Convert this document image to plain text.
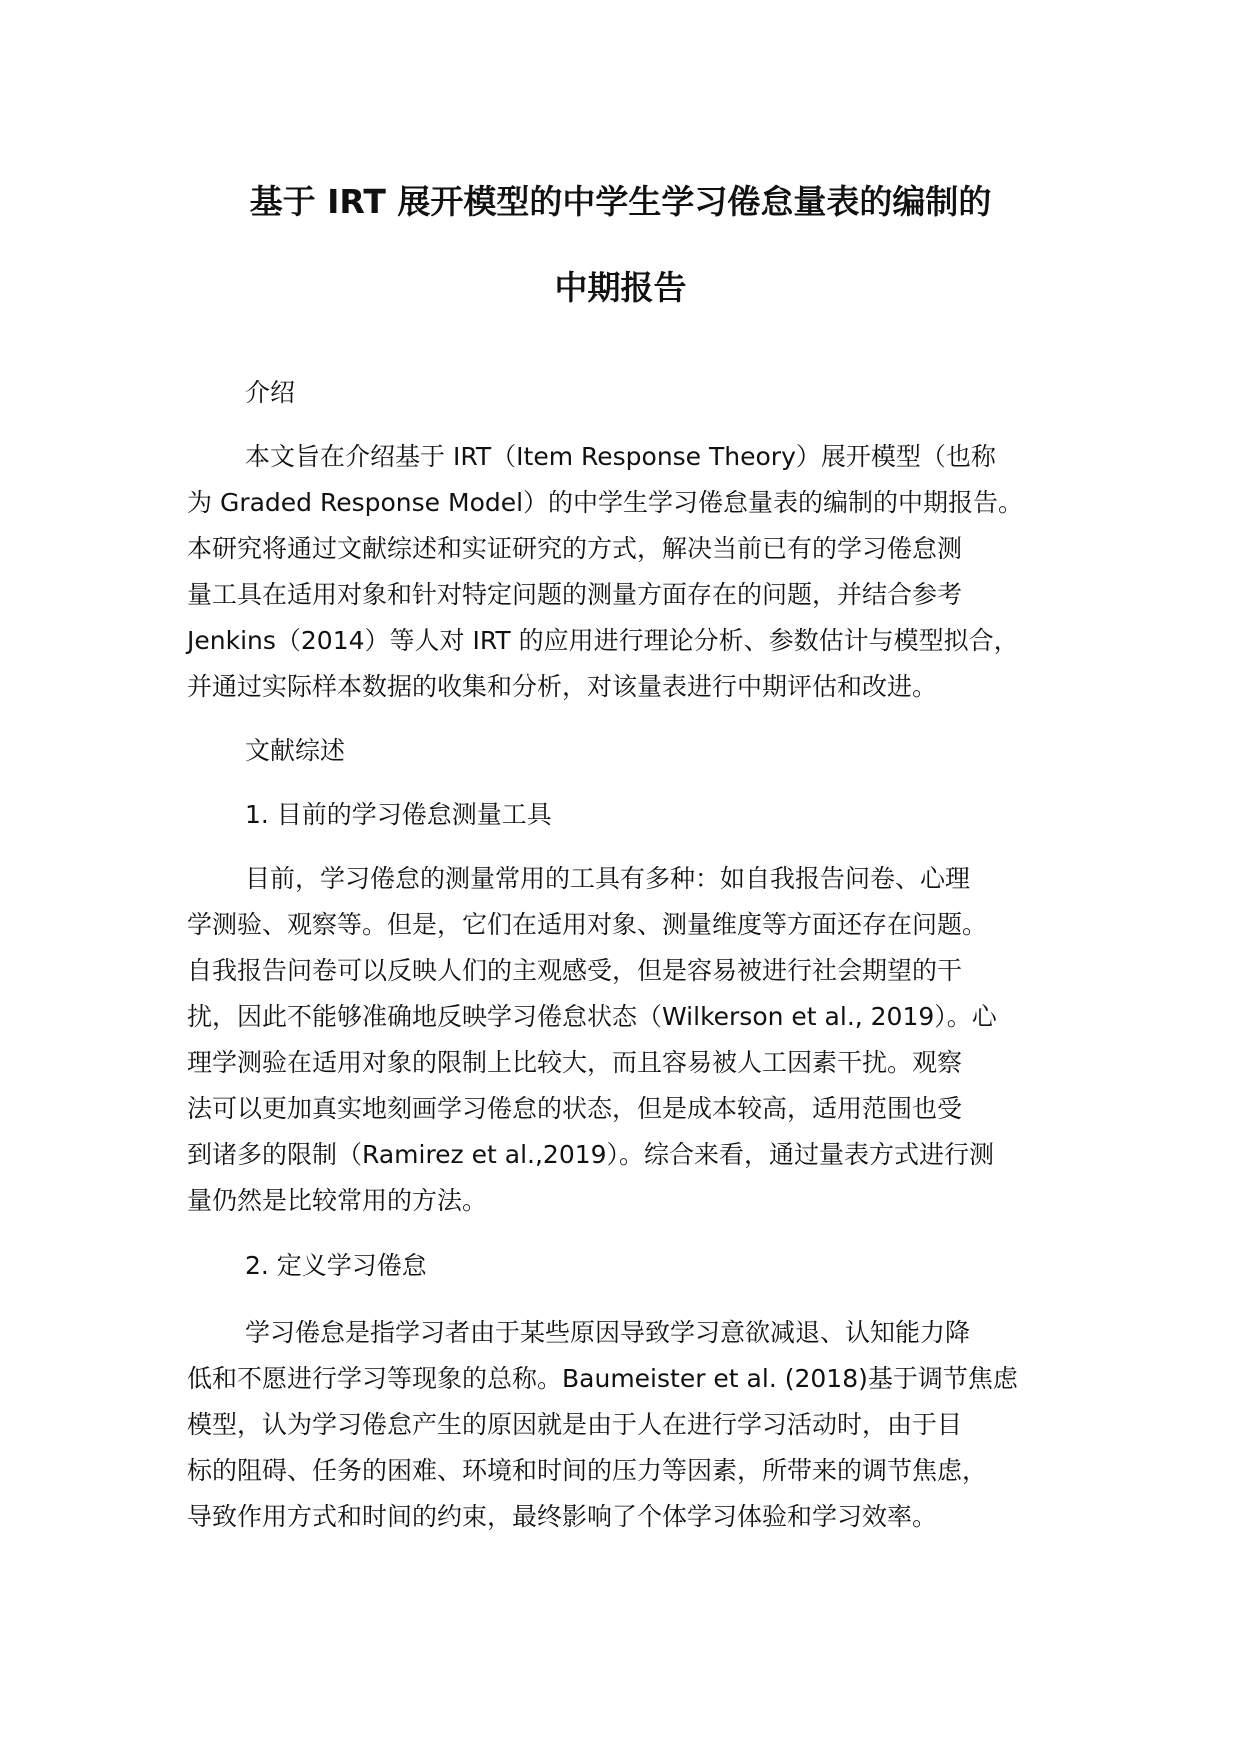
基于 IRT 展开模型的中学生学习倦怠量表的编制的
中期报告
介绍
本文旨在介绍基于 IRT（Item Response Theory）展开模型（也称
为 Graded Response Model）的中学生学习倦怠量表的编制的中期报告。
本研究将通过文献综述和实证研究的方式，解决当前已有的学习倦怠测
量工具在适用对象和针对特定问题的测量方面存在的问题，并结合参考
Jenkins（2014）等人对 IRT 的应用进行理论分析、参数估计与模型拟合，
并通过实际样本数据的收集和分析，对该量表进行中期评估和改进。
文献综述
1. 目前的学习倦怠测量工具
目前，学习倦怠的测量常用的工具有多种：如自我报告问卷、心理
学测验、观察等。但是，它们在适用对象、测量维度等方面还存在问题。
自我报告问卷可以反映人们的主观感受，但是容易被进行社会期望的干
扰，因此不能够准确地反映学习倦怠状态（Wilkerson et al., 2019）。心
理学测验在适用对象的限制上比较大，而且容易被人工因素干扰。观察
法可以更加真实地刻画学习倦怠的状态，但是成本较高，适用范围也受
到诸多的限制（Ramirez et al.,2019）。综合来看，通过量表方式进行测
量仍然是比较常用的方法。
2. 定义学习倦怠
学习倦怠是指学习者由于某些原因导致学习意欲减退、认知能力降
低和不愿进行学习等现象的总称。Baumeister et al. (2018)基于调节焦虑
模型，认为学习倦怠产生的原因就是由于人在进行学习活动时，由于目
标的阻碍、任务的困难、环境和时间的压力等因素，所带来的调节焦虑，
导致作用方式和时间的约束，最终影响了个体学习体验和学习效率。
